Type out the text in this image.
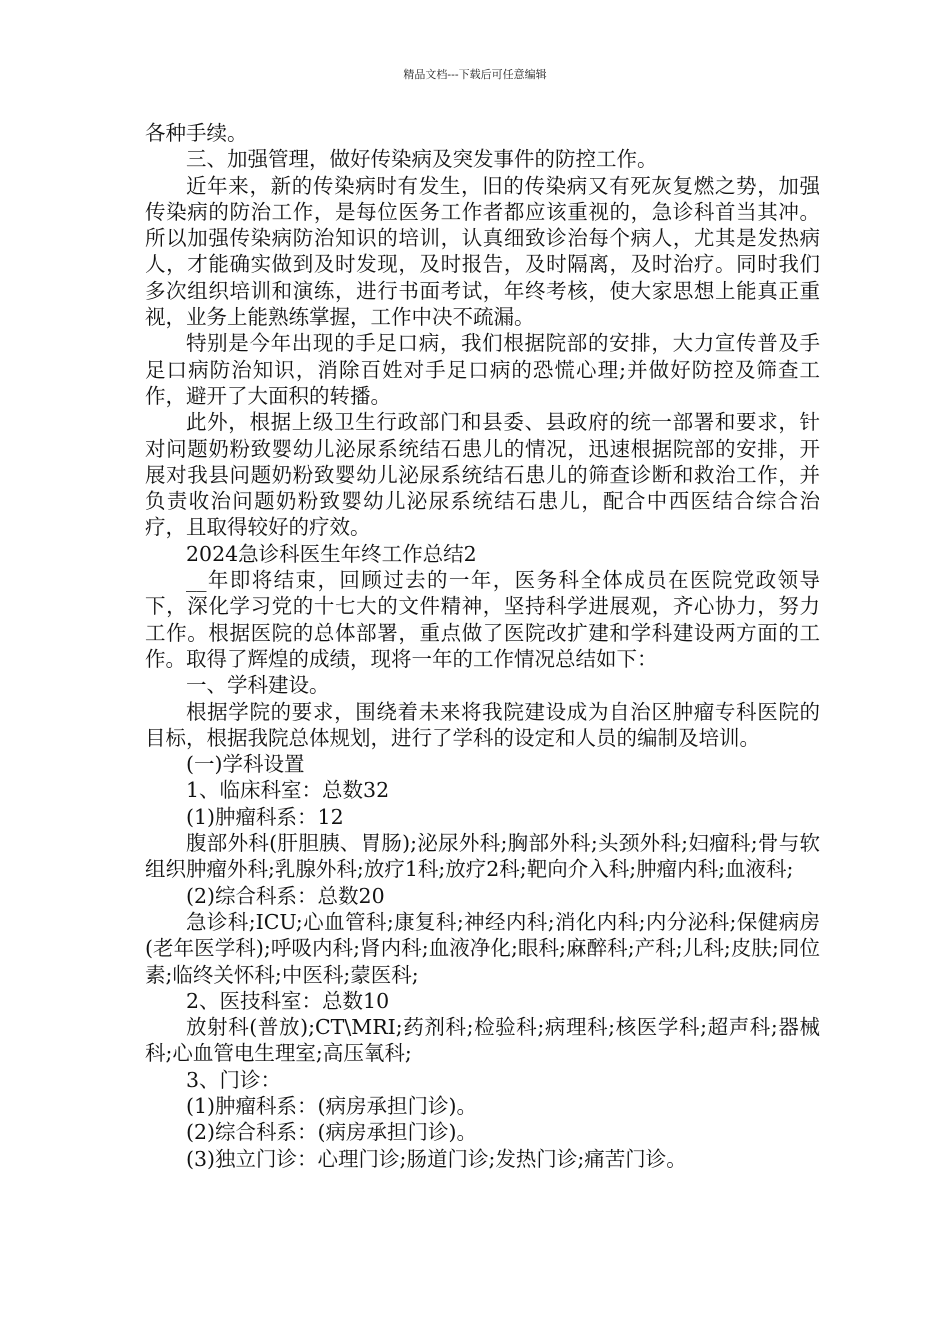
精品文档---下载后可任意编辑

各种手续。

三、加强管理，做好传染病及突发事件的防控工作。

近年来，新的传染病时有发生，旧的传染病又有死灰复燃之势，加强传染病的防治工作，是每位医务工作者都应该重视的，急诊科首当其冲。所以加强传染病防治知识的培训，认真细致诊治每个病人，尤其是发热病人，才能确实做到及时发现，及时报告，及时隔离，及时治疗。同时我们多次组织培训和演练，进行书面考试，年终考核，使大家思想上能真正重视，业务上能熟练掌握，工作中决不疏漏。

特别是今年出现的手足口病，我们根据院部的安排，大力宣传普及手足口病防治知识，消除百姓对手足口病的恐慌心理;并做好防控及筛查工作，避开了大面积的转播。

此外，根据上级卫生行政部门和县委、县政府的统一部署和要求，针对问题奶粉致婴幼儿泌尿系统结石患儿的情况，迅速根据院部的安排，开展对我县问题奶粉致婴幼儿泌尿系统结石患儿的筛查诊断和救治工作，并负责收治问题奶粉致婴幼儿泌尿系统结石患儿，配合中西医结合综合治疗，且取得较好的疗效。

2024急诊科医生年终工作总结2

__年即将结束，回顾过去的一年，医务科全体成员在医院党政领导下，深化学习党的十七大的文件精神，坚持科学进展观，齐心协力，努力工作。根据医院的总体部署，重点做了医院改扩建和学科建设两方面的工作。取得了辉煌的成绩，现将一年的工作情况总结如下：

一、学科建设。

根据学院的要求，围绕着未来将我院建设成为自治区肿瘤专科医院的目标，根据我院总体规划，进行了学科的设定和人员的编制及培训。

(一)学科设置

1、临床科室：总数32

(1)肿瘤科系：12

腹部外科(肝胆胰、胃肠);泌尿外科;胸部外科;头颈外科;妇瘤科;骨与软组织肿瘤外科;乳腺外科;放疗1科;放疗2科;靶向介入科;肿瘤内科;血液科;

(2)综合科系：总数20

急诊科;ICU;心血管科;康复科;神经内科;消化内科;内分泌科;保健病房(老年医学科);呼吸内科;肾内科;血液净化;眼科;麻醉科;产科;儿科;皮肤;同位素;临终关怀科;中医科;蒙医科;

2、医技科室：总数10

放射科(普放);CT\MRI;药剂科;检验科;病理科;核医学科;超声科;器械科;心血管电生理室;高压氧科;

3、门诊：

(1)肿瘤科系：(病房承担门诊)。

(2)综合科系：(病房承担门诊)。

(3)独立门诊：心理门诊;肠道门诊;发热门诊;痛苦门诊。
